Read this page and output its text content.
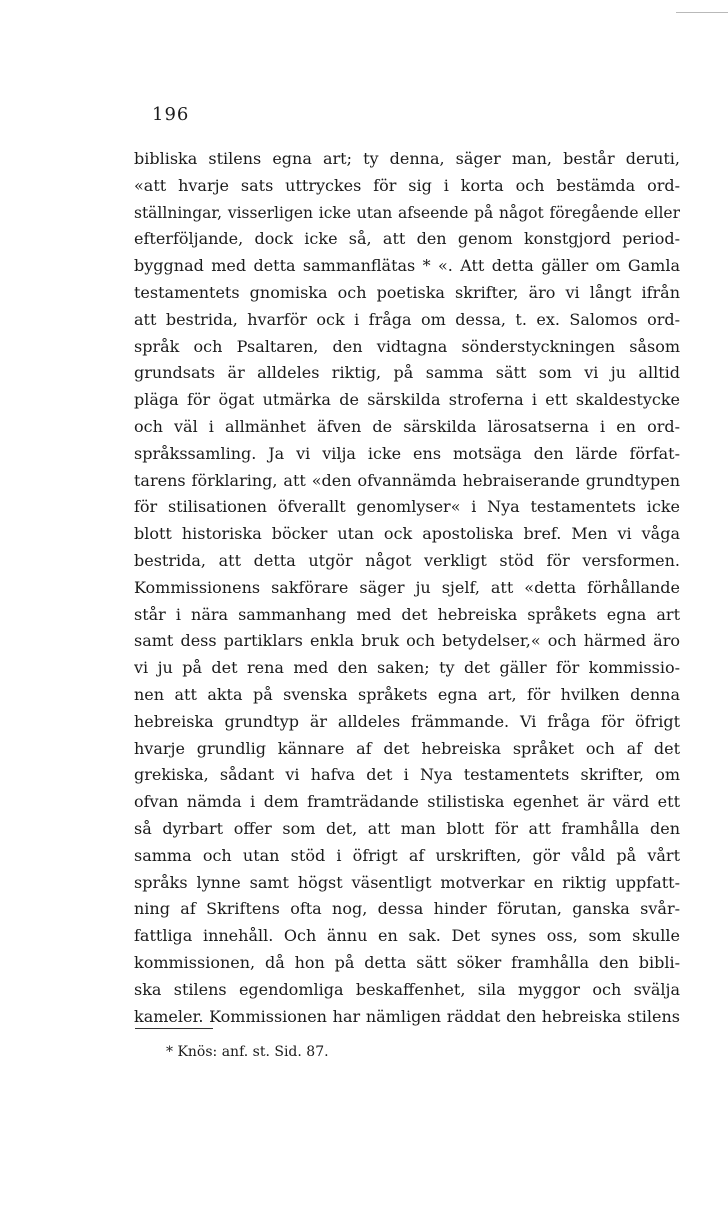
196
bibliska stilens egna art; ty denna, säger man, består deruti,
«att hvarje sats uttryckes för sig i korta och bestämda ord-
ställningar, visserligen icke utan afseende på något föregående eller
efterföljande, dock icke så, att den genom konstgjord period-
byggnad med detta sammanflätas * «. Att detta gäller om Gamla
testamentets gnomiska och poetiska skrifter, äro vi långt ifrån
att bestrida, hvarför ock i fråga om dessa, t. ex. Salomos ord-
språk och Psaltaren, den vidtagna sönderstyckningen såsom
grundsats är alldeles riktig, på samma sätt som vi ju alltid
pläga för ögat utmärka de särskilda stroferna i ett skaldestycke
och väl i allmänhet äfven de särskilda lärosatserna i en ord-
språkssamling. Ja vi vilja icke ens motsäga den lärde förfat-
tarens förklaring, att «den ofvannämda hebraiserande grundtypen
för stilisationen öfverallt genomlyser« i Nya testamentets icke
blott historiska böcker utan ock apostoliska bref. Men vi våga
bestrida, att detta utgör något verkligt stöd för versformen.
Kommissionens sakförare säger ju sjelf, att «detta förhållande
står i nära sammanhang med det hebreiska språkets egna art
samt dess partiklars enkla bruk och betydelser,« och härmed äro
vi ju på det rena med den saken; ty det gäller för kommissio-
nen att akta på svenska språkets egna art, för hvilken denna
hebreiska grundtyp är alldeles främmande. Vi fråga för öfrigt
hvarje grundlig kännare af det hebreiska språket och af det
grekiska, sådant vi hafva det i Nya testamentets skrifter, om
ofvan nämda i dem framträdande stilistiska egenhet är värd ett
så dyrbart offer som det, att man blott för att framhålla den
samma och utan stöd i öfrigt af urskriften, gör våld på vårt
språks lynne samt högst väsentligt motverkar en riktig uppfatt-
ning af Skriftens ofta nog, dessa hinder förutan, ganska svår-
fattliga innehåll. Och ännu en sak. Det synes oss, som skulle
kommissionen, då hon på detta sätt söker framhålla den bibli-
ska stilens egendomliga beskaffenhet, sila myggor och svälja
kameler. Kommissionen har nämligen räddat den hebreiska stilens
* Knös: anf. st. Sid. 87.
